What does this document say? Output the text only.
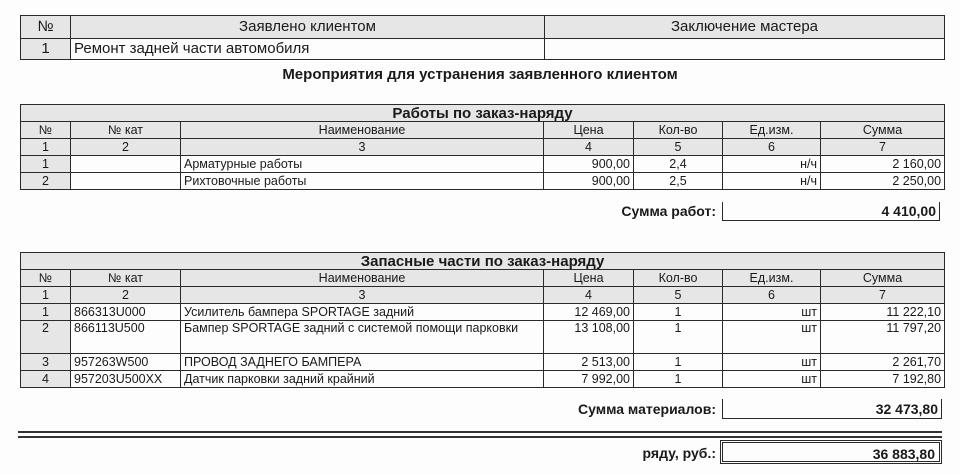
№	Заявлено клиентом	Заключение мастера
1	Ремонт задней части автомобиля	
Мероприятия для устранения заявленного клиентом
Работы по заказ-наряду						
№	№ кат	Наименование	Цена	Кол-во	Ед.изм.	Сумма
1	2	3	4	5	6	7
1		Арматурные работы	900,00	2,4	н/ч	2 160,00
2		Рихтовочные работы	900,00	2,5	н/ч	2 250,00
Сумма работ:	4 410,00
Запасные части по заказ-наряду						
№	№ кат	Наименование	Цена	Кол-во	Ед.изм.	Сумма
1	2	3	4	5	6	7
1	866313U000	Усилитель бампера SPORTAGE задний	12 469,00	1	шт	11 222,10
2	866113U500	Бампер SPORTAGE задний с системой помощи парковки	13 108,00	1	шт	11 797,20
3	957263W500	ПРОВОД ЗАДНЕГО БАМПЕРА	2 513,00	1	шт	2 261,70
4	957203U500XX	Датчик парковки задний крайний	7 992,00	1	шт	7 192,80
Сумма материалов:	32 473,80
ряду, руб.:	36 883,80
